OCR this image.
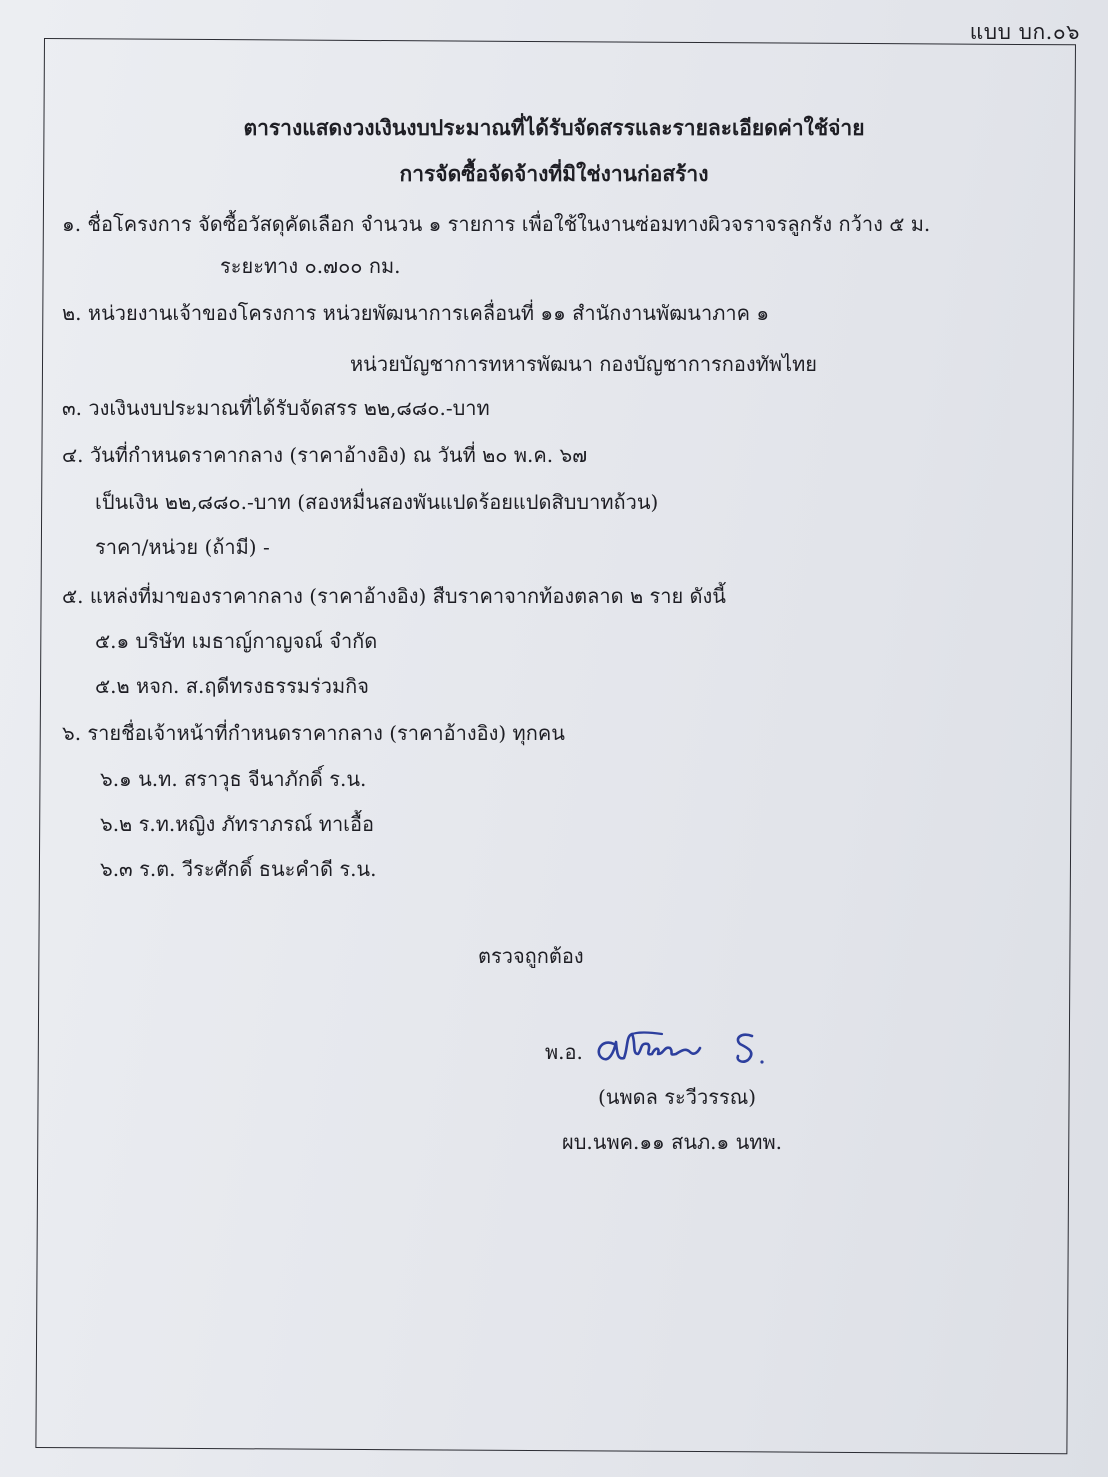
แบบ บก.๐๖
ตารางแสดงวงเงินงบประมาณที่ได้รับจัดสรรและรายละเอียดค่าใช้จ่าย
การจัดซื้อจัดจ้างที่มิใช่งานก่อสร้าง
๑. ชื่อโครงการ จัดซื้อวัสดุคัดเลือก จำนวน ๑ รายการ เพื่อใช้ในงานซ่อมทางผิวจราจรลูกรัง กว้าง ๕ ม.
ระยะทาง ๐.๗๐๐ กม.
๒. หน่วยงานเจ้าของโครงการ หน่วยพัฒนาการเคลื่อนที่ ๑๑ สำนักงานพัฒนาภาค ๑
หน่วยบัญชาการทหารพัฒนา กองบัญชาการกองทัพไทย
๓. วงเงินงบประมาณที่ได้รับจัดสรร ๒๒,๘๘๐.-บาท
๔. วันที่กำหนดราคากลาง (ราคาอ้างอิง) ณ วันที่ ๒๐ พ.ค. ๖๗
เป็นเงิน ๒๒,๘๘๐.-บาท (สองหมื่นสองพันแปดร้อยแปดสิบบาทถ้วน)
ราคา/หน่วย (ถ้ามี) -
๕. แหล่งที่มาของราคากลาง (ราคาอ้างอิง) สืบราคาจากท้องตลาด ๒ ราย ดังนี้
๕.๑ บริษัท เมธาญ์กาญจณ์ จำกัด
๕.๒ หจก. ส.ฤดีทรงธรรมร่วมกิจ
๖. รายชื่อเจ้าหน้าที่กำหนดราคากลาง (ราคาอ้างอิง) ทุกคน
๖.๑ น.ท. สราวุธ จีนาภักดิ์ ร.น.
๖.๒ ร.ท.หญิง ภัทราภรณ์ ทาเอื้อ
๖.๓ ร.ต. วีระศักดิ์ ธนะคำดี ร.น.
ตรวจถูกต้อง
พ.อ.
(นพดล ระวีวรรณ)
ผบ.นพค.๑๑ สนภ.๑ นทพ.
